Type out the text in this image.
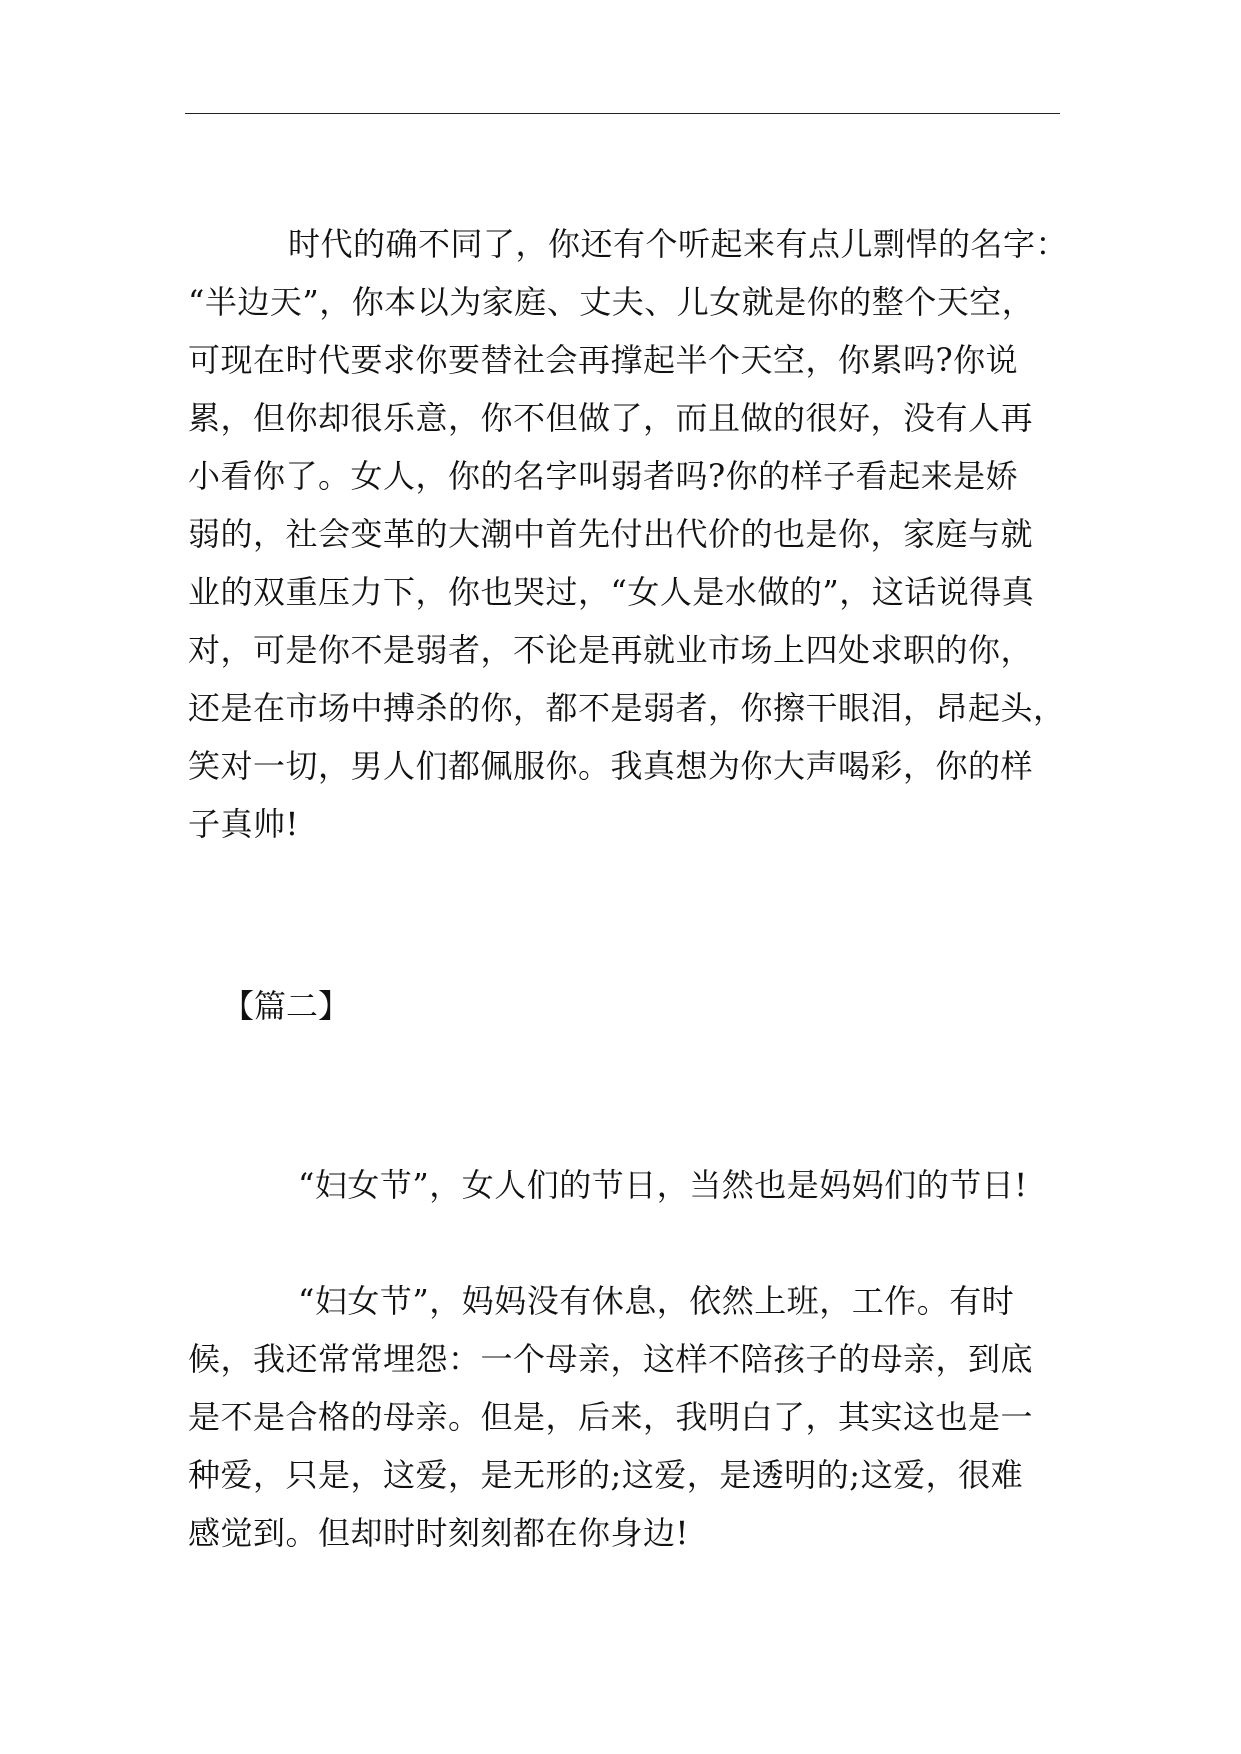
时代的确不同了，你还有个听起来有点儿剽悍的名字：
“半边天”，你本以为家庭、丈夫、儿女就是你的整个天空，
可现在时代要求你要替社会再撑起半个天空，你累吗?你说
累，但你却很乐意，你不但做了，而且做的很好，没有人再
小看你了。女人，你的名字叫弱者吗?你的样子看起来是娇
弱的，社会变革的大潮中首先付出代价的也是你，家庭与就
业的双重压力下，你也哭过，“女人是水做的”，这话说得真
对，可是你不是弱者，不论是再就业市场上四处求职的你，
还是在市场中搏杀的你，都不是弱者，你擦干眼泪，昂起头，
笑对一切，男人们都佩服你。我真想为你大声喝彩，你的样
子真帅!
【篇二】
“妇女节”，女人们的节日，当然也是妈妈们的节日!
“妇女节”，妈妈没有休息，依然上班，工作。有时
候，我还常常埋怨：一个母亲，这样不陪孩子的母亲，到底
是不是合格的母亲。但是，后来，我明白了，其实这也是一
种爱，只是，这爱，是无形的;这爱，是透明的;这爱，很难
感觉到。但却时时刻刻都在你身边!
